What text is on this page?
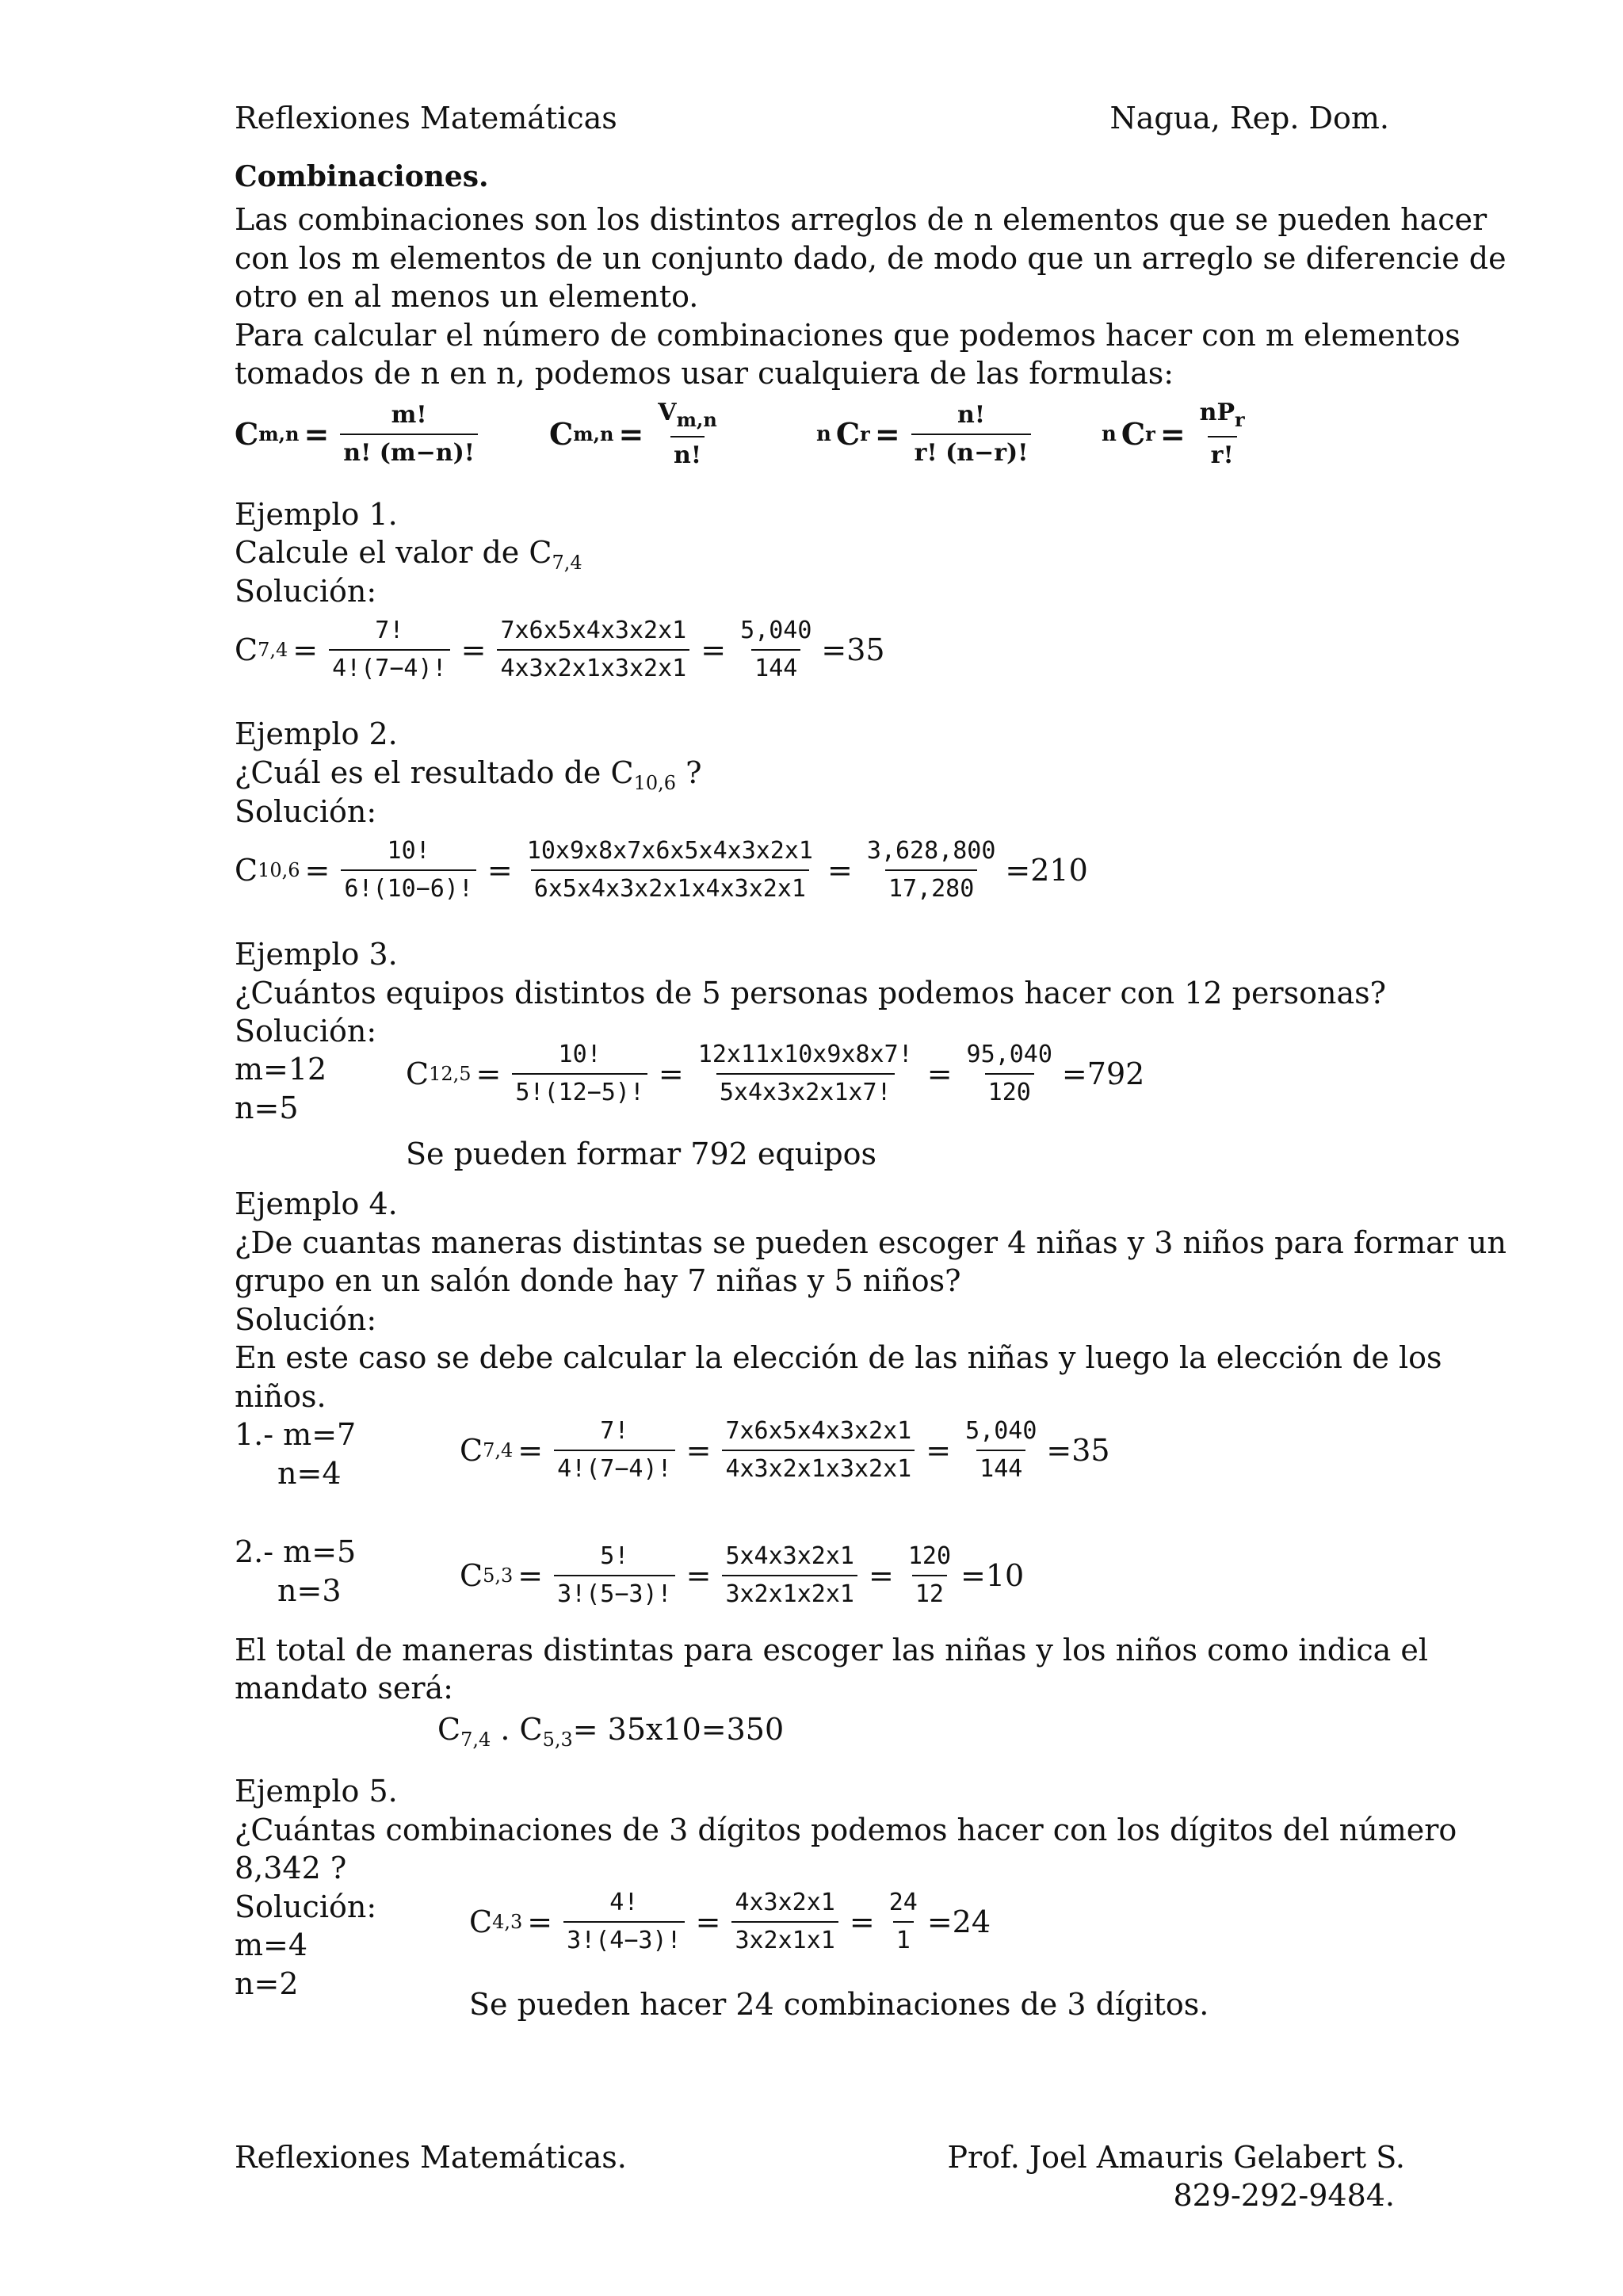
Reflexiones Matemáticas	Nagua, Rep. Dom.
Combinaciones.
Las combinaciones son los distintos arreglos de n elementos que se pueden hacer
con los m elementos de un conjunto dado, de modo que un arreglo se diferencie de
otro en al menos un elemento.
Para calcular el número de combinaciones que podemos hacer con m elementos
tomados de n en n, podemos usar cualquiera de las formulas:
C $m,n = \frac{m!}{n! (m-n)!}$ C $m,n = \frac{V_{m,n}}{n!}$	n C $r = \frac{n!}{r! (n-r)!}$	n C $r = \frac{nP_r}{r!}$
Ejemplo 1.
Calcule el valor de $C_{7,4}$
Solución:
C $7,4 = \frac{7!}{4!(7-4)!} = \frac{7x6x5x4x3x2x1}{4x3x2x1x3x2x1} = \frac{5,040}{144} =35$
Ejemplo 2.
¿Cuál es el resultado de $C_{10,6}$ ?
Solución:
C $10,6 = \frac{10!}{6!(10-6)!} = \frac{10x9x8x7x6x5x4x3x2x1}{6x5x4x3x2x1x4x3x2x1} = \frac{3,628,800}{17,280} =210$
Ejemplo 3.
¿Cuántos equipos distintos de 5 personas podemos hacer con 12 personas?
Solución:
m=12
n=5
C $12,5 = \frac{10!}{5!(12-5)!} = \frac{12x11x10x9x8x7!}{5x4x3x2x1x7!} = \frac{95,040}{120} =792$
Se pueden formar 792 equipos
Ejemplo 4.
¿De cuantas maneras distintas se pueden escoger 4 niñas y 3 niños para formar un
grupo en un salón donde hay 7 niñas y 5 niños?
Solución:
En este caso se debe calcular la elección de las niñas y luego la elección de los
niños.
1.- m=7
n=4
C $7,4 = \frac{7!}{4!(7-4)!} = \frac{7x6x5x4x3x2x1}{4x3x2x1x3x2x1} = \frac{5,040}{144} =35$
2.- m=5
n=3	C $5,3 = \frac{5!}{3!(5-3)!} = \frac{5x4x3x2x1}{3x2x1x2x1} = \frac{120}{12} =10$
El total de maneras distintas para escoger las niñas y los niños como indica el
mandato será:
$C_{7,4}$ . $C_{5,3}= 35x10=350$
Ejemplo 5.
¿Cuántas combinaciones de 3 dígitos podemos hacer con los dígitos del número
8,342 ?
Solución:
m=4
n=2
C $4,3 = \frac{4!}{3!(4-3)!} = \frac{4x3x2x1}{3x2x1x1} = \frac{24}{1} =24$
Se pueden hacer 24 combinaciones de 3 dígitos.
Reflexiones Matemáticas.	Prof. Joel Amauris Gelabert S.
829-292-9484.
